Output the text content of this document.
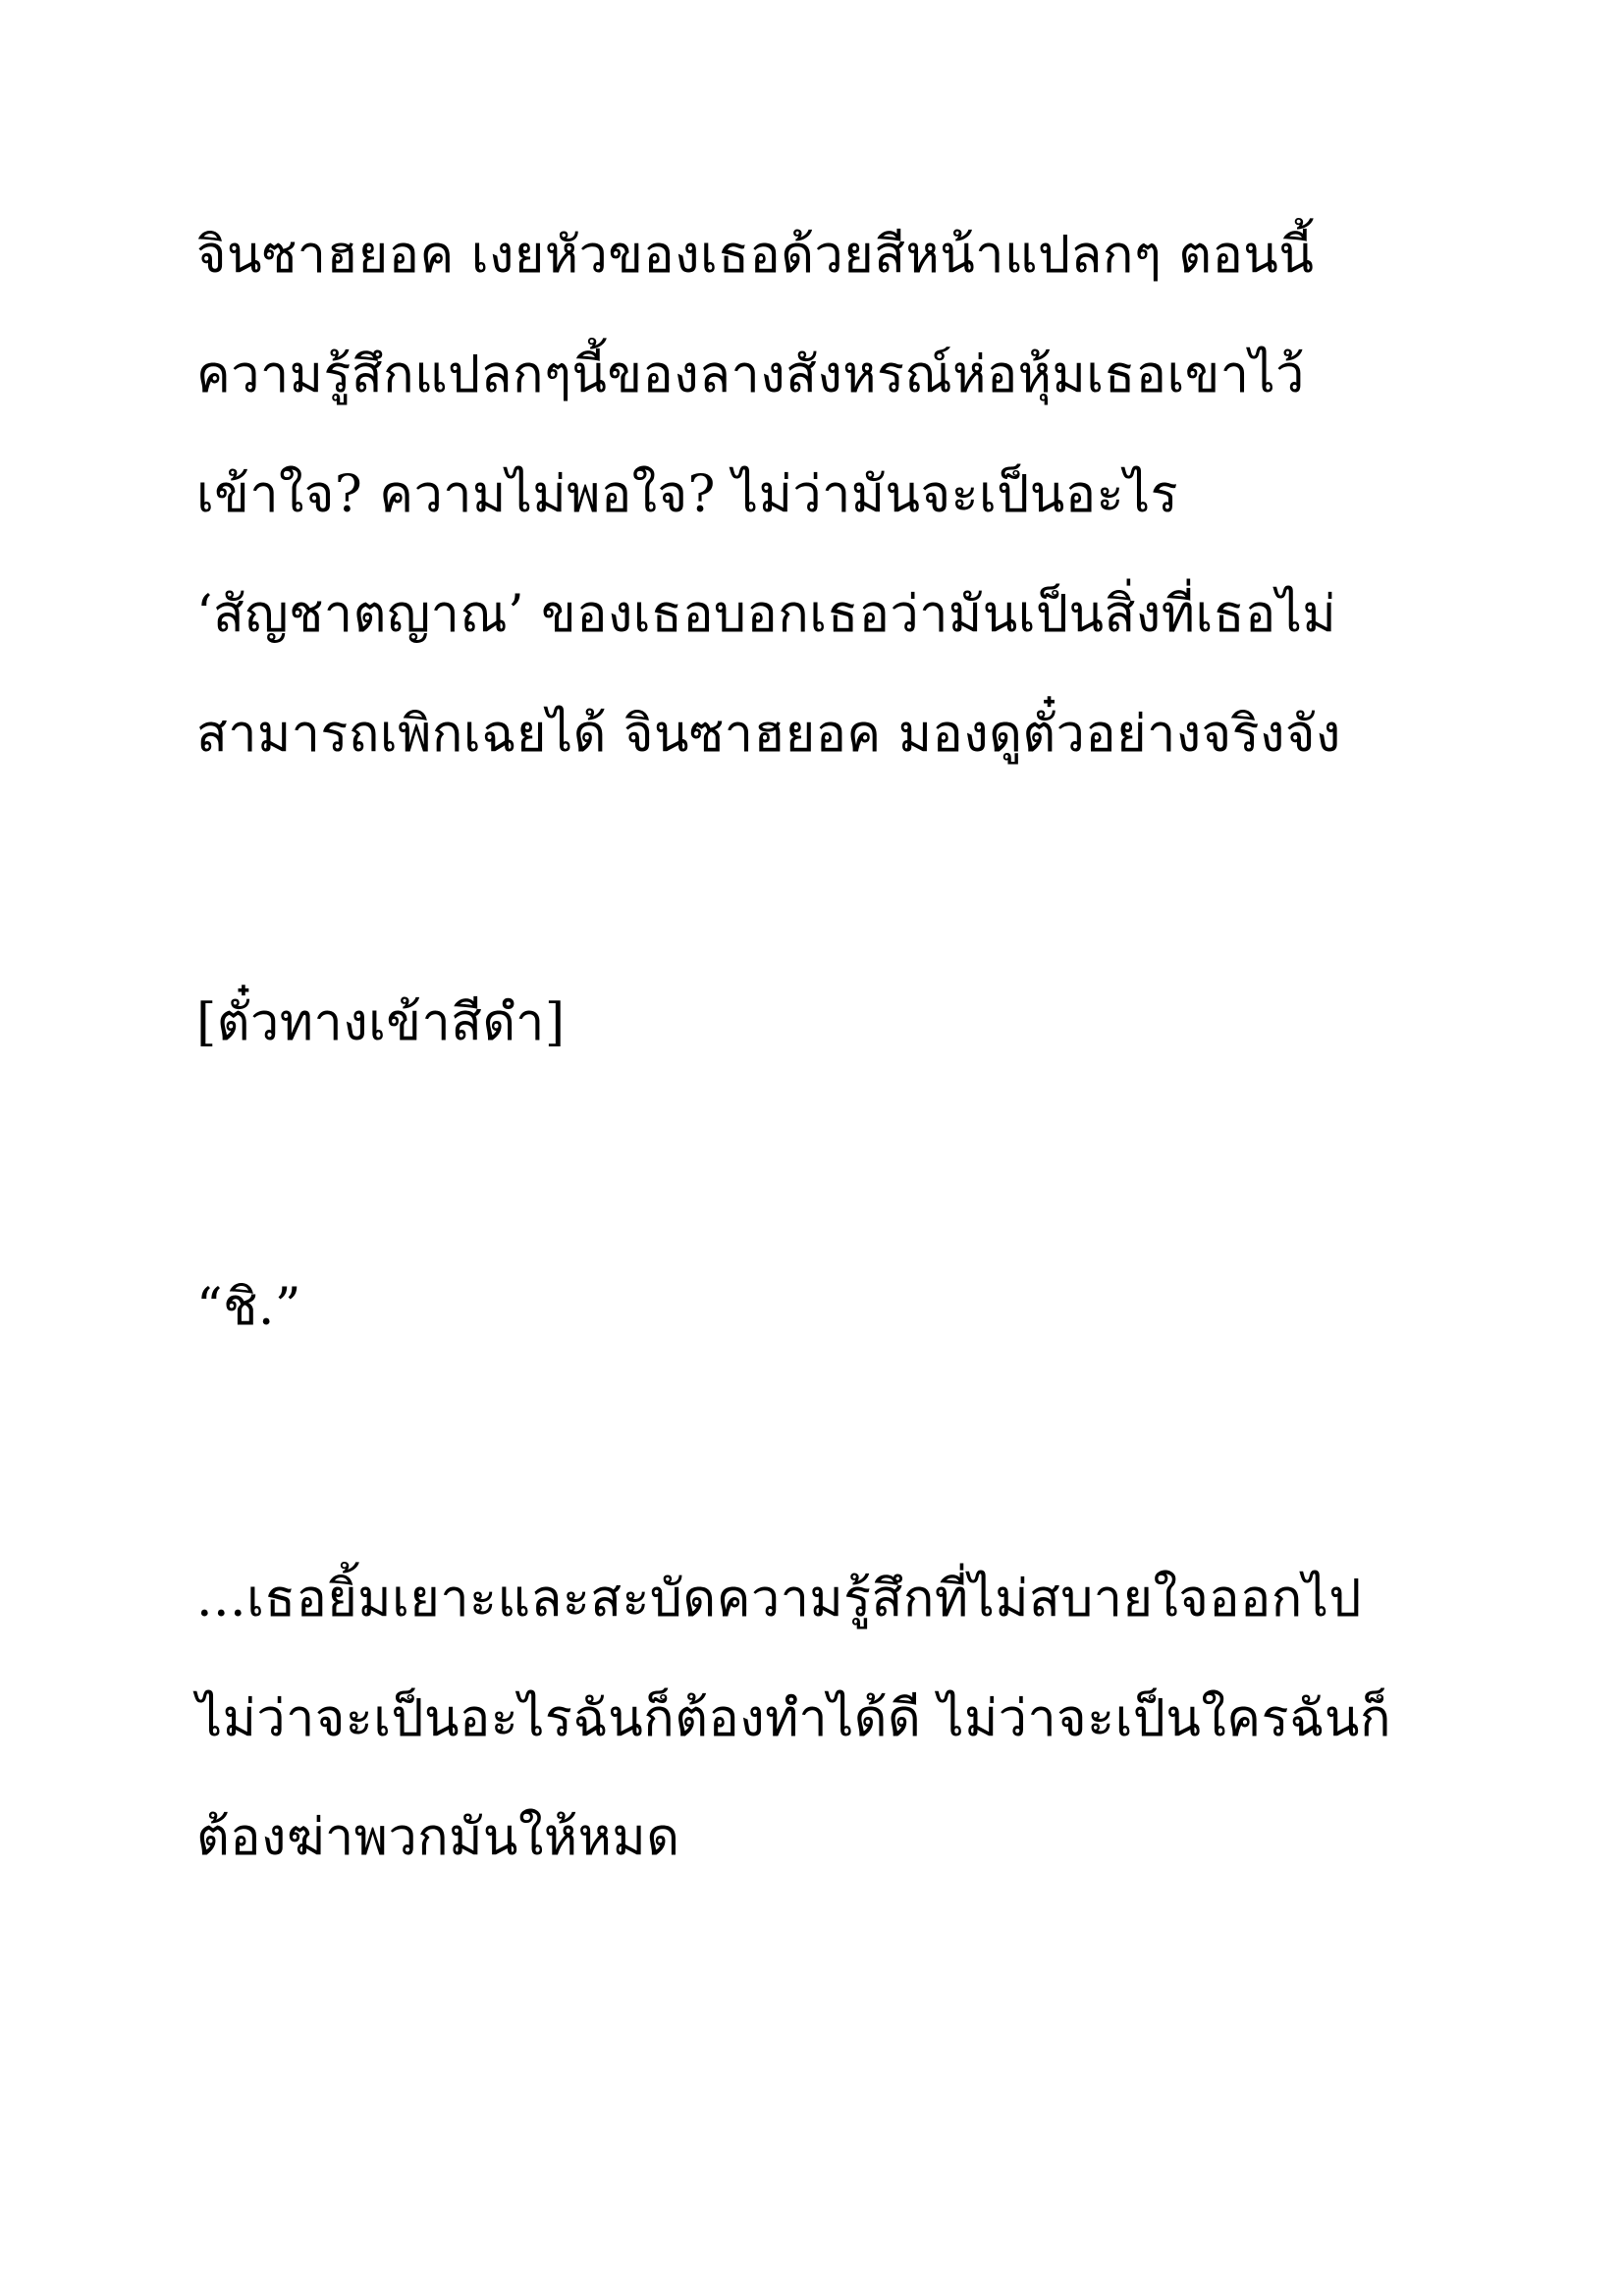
จินซาฮยอค เงยหัวของเธอด้วยสีหน้าแปลกๆ ตอนนี้
ความรู้สึกแปลกๆนี้ของลางสังหรณ์ห่อหุ้มเธอเขาไว้
เข้าใจ? ความไม่พอใจ? ไม่ว่ามันจะเป็นอะไร
‘สัญชาตญาณ’ ของเธอบอกเธอว่ามันเป็นสิ่งที่เธอไม่
สามารถเพิกเฉยได้ จินซาฮยอค มองดูตั๋วอย่างจริงจัง
[ตั๋วทางเข้าสีดำ]
“ชิ.”
...เธอยิ้มเยาะและสะบัดความรู้สึกที่ไม่สบายใจออกไป
ไม่ว่าจะเป็นอะไรฉันก็ต้องทำได้ดี ไม่ว่าจะเป็นใครฉันก็
ต้องฆ่าพวกมันให้หมด
